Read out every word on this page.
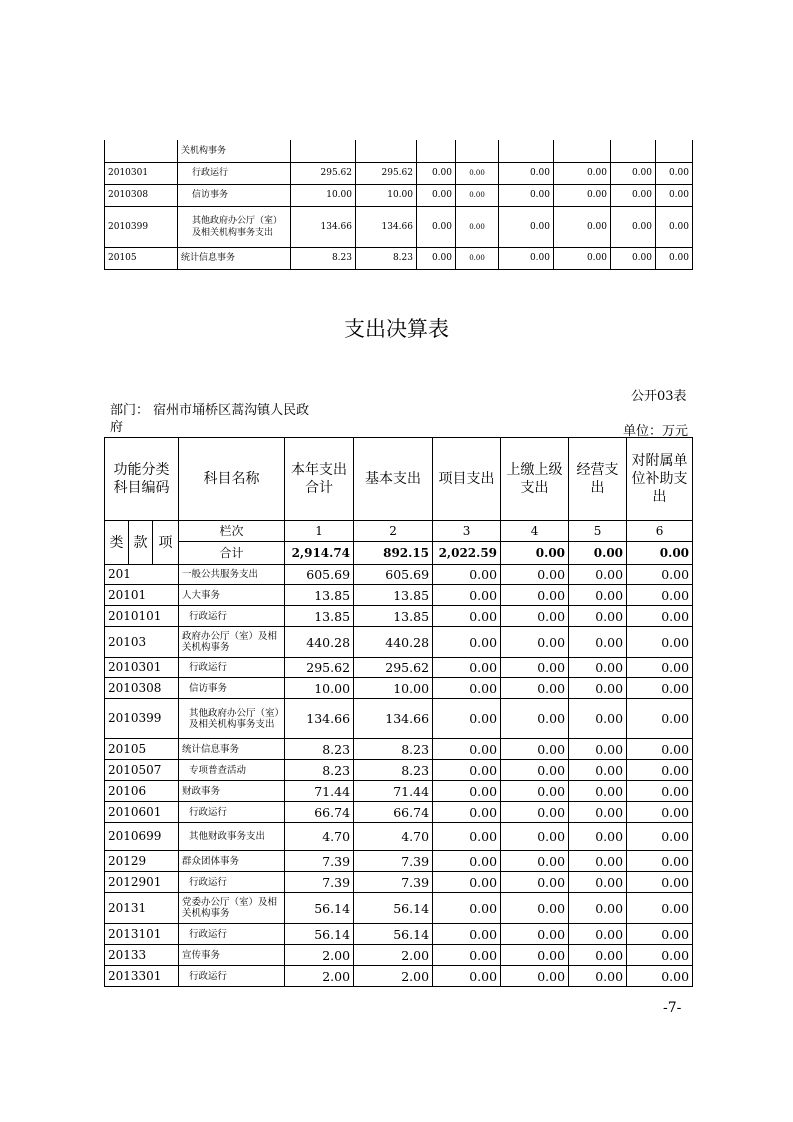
	关机构事务								
2010301	行政运行	295.62	295.62	0.00	0.00	0.00	0.00	0.00	0.00
2010308	信访事务	10.00	10.00	0.00	0.00	0.00	0.00	0.00	0.00
2010399	其他政府办公厅（室）及相关机构事务支出	134.66	134.66	0.00	0.00	0.00	0.00	0.00	0.00
20105	统计信息事务	8.23	8.23	0.00	0.00	0.00	0.00	0.00	0.00
支出决算表
公开03表
部门： 宿州市埇桥区蒿沟镇人民政府	单位：万元
功能分类科目编码			科目名称	本年支出合计	基本支出	项目支出	上缴上级支出	经营支出	对附属单位补助支出
类	款	项	栏次	1	2	3	4	5	6
			合计	2,914.74	892.15	2,022.59	0.00	0.00	0.00
201			一般公共服务支出	605.69	605.69	0.00	0.00	0.00	0.00
20101			人大事务	13.85	13.85	0.00	0.00	0.00	0.00
2010101			行政运行	13.85	13.85	0.00	0.00	0.00	0.00
20103			政府办公厅（室）及相关机构事务	440.28	440.28	0.00	0.00	0.00	0.00
2010301			行政运行	295.62	295.62	0.00	0.00	0.00	0.00
2010308			信访事务	10.00	10.00	0.00	0.00	0.00	0.00
2010399			其他政府办公厅（室）及相关机构事务支出	134.66	134.66	0.00	0.00	0.00	0.00
20105			统计信息事务	8.23	8.23	0.00	0.00	0.00	0.00
2010507			专项普查活动	8.23	8.23	0.00	0.00	0.00	0.00
20106			财政事务	71.44	71.44	0.00	0.00	0.00	0.00
2010601			行政运行	66.74	66.74	0.00	0.00	0.00	0.00
2010699			其他财政事务支出	4.70	4.70	0.00	0.00	0.00	0.00
20129			群众团体事务	7.39	7.39	0.00	0.00	0.00	0.00
2012901			行政运行	7.39	7.39	0.00	0.00	0.00	0.00
20131			党委办公厅（室）及相关机构事务	56.14	56.14	0.00	0.00	0.00	0.00
2013101			行政运行	56.14	56.14	0.00	0.00	0.00	0.00
20133			宣传事务	2.00	2.00	0.00	0.00	0.00	0.00
2013301			行政运行	2.00	2.00	0.00	0.00	0.00	0.00
-7-
